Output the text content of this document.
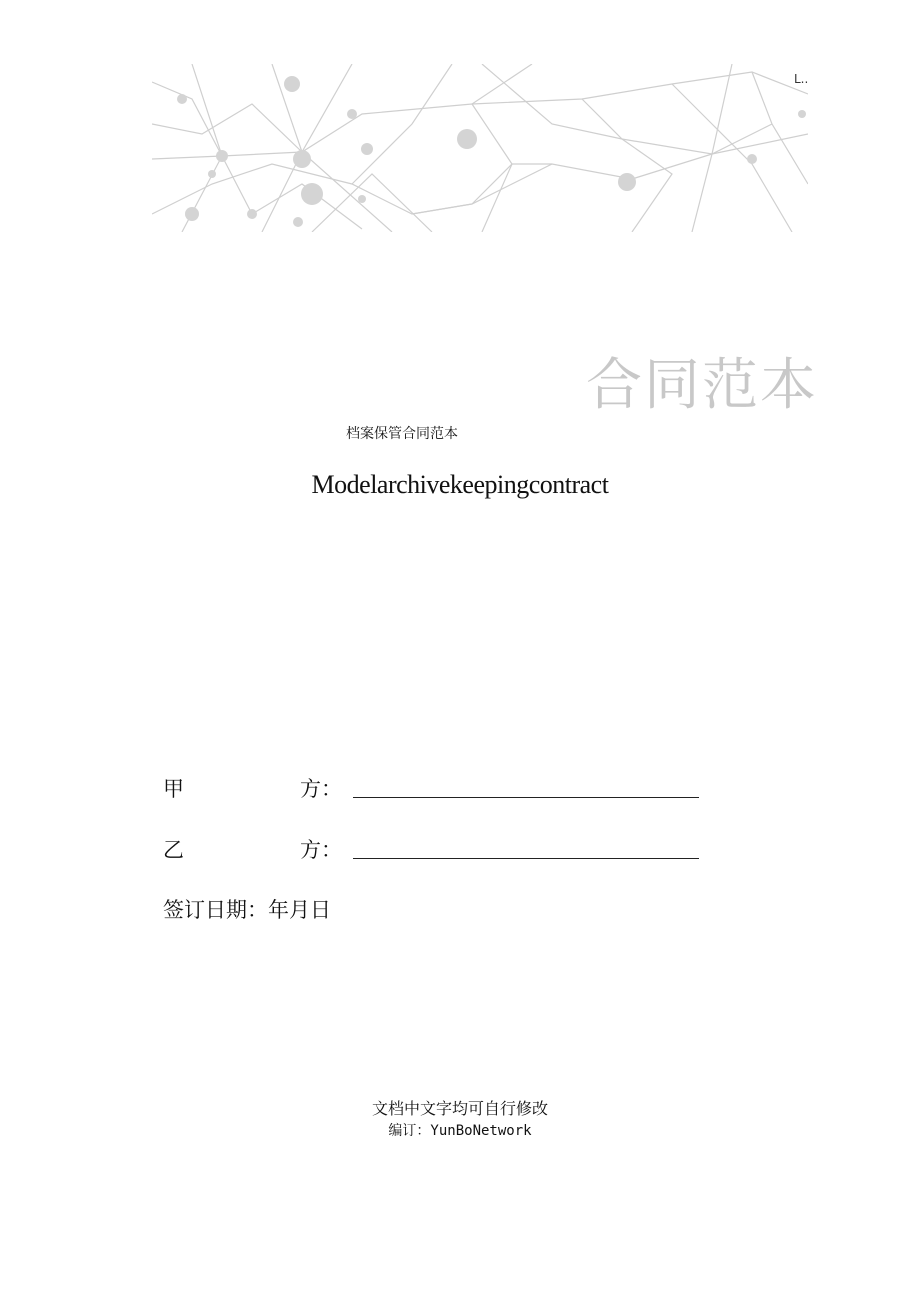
L..
合同范本
档案保管合同范本
Modelarchivekeepingcontract
甲	方：
乙	方：
签订日期：年月日
文档中文字均可自行修改
编订：YunBoNetwork
